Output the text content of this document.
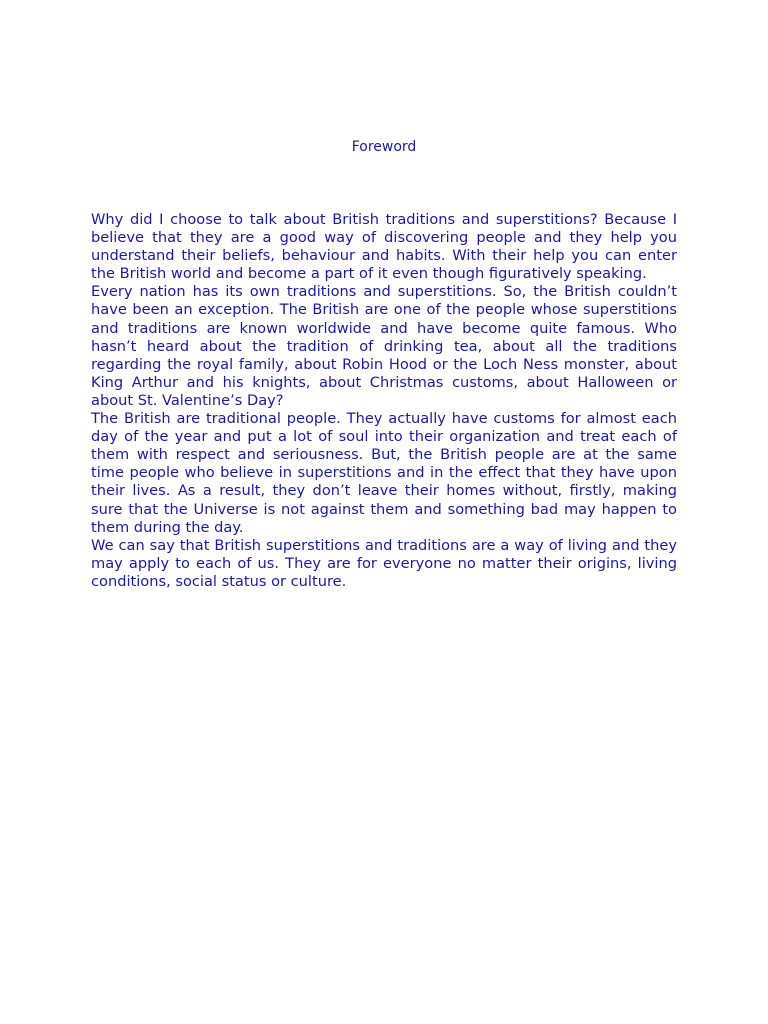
Foreword

Why did I choose to talk about British traditions and superstitions? Because I believe that they are a good way of discovering people and they help you understand their beliefs, behaviour and habits. With their help you can enter the British world and become a part of it even though figuratively speaking.

Every nation has its own traditions and superstitions. So, the British couldn’t have been an exception. The British are one of the people whose superstitions and traditions are known worldwide and have become quite famous. Who hasn’t heard about the tradition of drinking tea, about all the traditions regarding the royal family, about Robin Hood or the Loch Ness monster, about King Arthur and his knights, about Christmas customs, about Halloween or about St. Valentine’s Day?

The British are traditional people. They actually have customs for almost each day of the year and put a lot of soul into their organization and treat each of them with respect and seriousness. But, the British people are at the same time people who believe in superstitions and in the effect that they have upon their lives. As a result, they don’t leave their homes without, firstly, making sure that the Universe is not against them and something bad may happen to them during the day.

We can say that British superstitions and traditions are a way of living and they may apply to each of us. They are for everyone no matter their origins, living conditions, social status or culture.
